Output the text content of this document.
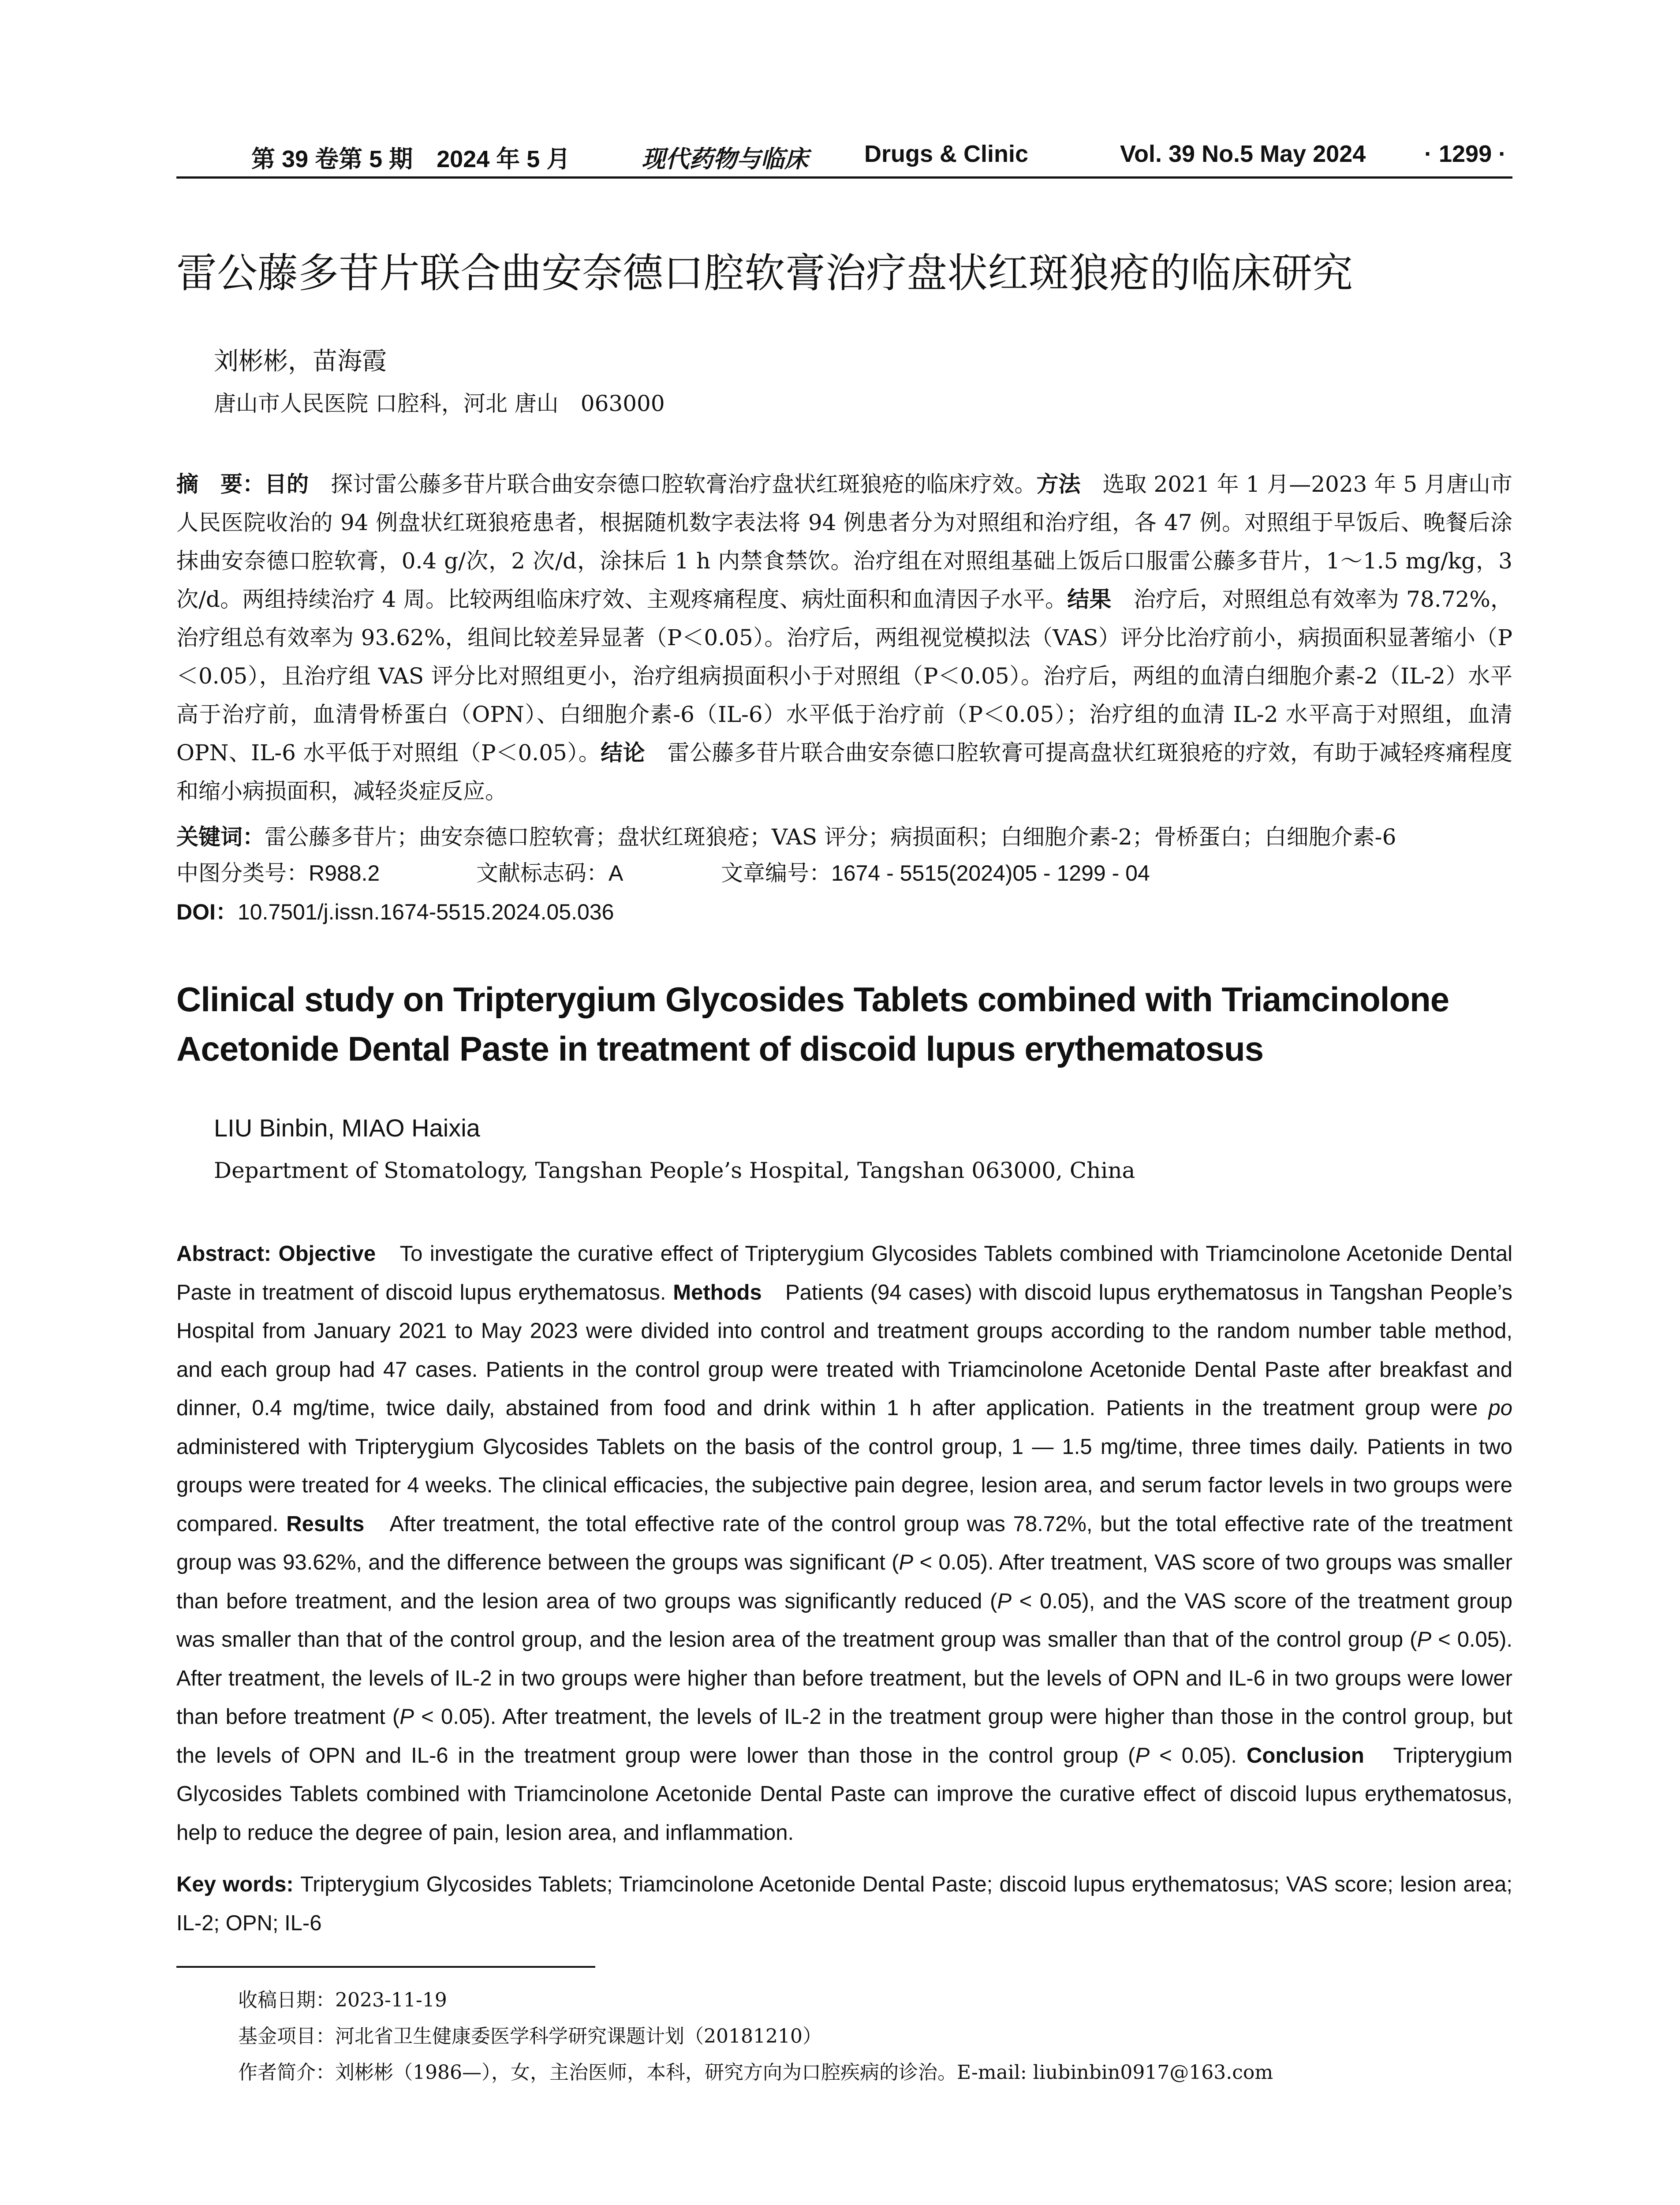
第 39 卷第 5 期　2024 年 5 月	现代药物与临床 Drugs & Clinic	Vol. 39 No.5 May 2024 · 1299 ·
雷公藤多苷片联合曲安奈德口腔软膏治疗盘状红斑狼疮的临床研究
刘彬彬，苗海霞
唐山市人民医院 口腔科，河北 唐山　063000
摘　要：目的　探讨雷公藤多苷片联合曲安奈德口腔软膏治疗盘状红斑狼疮的临床疗效。方法　选取 2021 年 1 月—2023 年 5 月唐山市人民医院收治的 94 例盘状红斑狼疮患者，根据随机数字表法将 94 例患者分为对照组和治疗组，各 47 例。对照组于早饭后、晚餐后涂抹曲安奈德口腔软膏，0.4 g/次，2 次/d，涂抹后 1 h 内禁食禁饮。治疗组在对照组基础上饭后口服雷公藤多苷片，1～1.5 mg/kg，3 次/d。两组持续治疗 4 周。比较两组临床疗效、主观疼痛程度、病灶面积和血清因子水平。结果　治疗后，对照组总有效率为 78.72%，治疗组总有效率为 93.62%，组间比较差异显著（P＜0.05）。治疗后，两组视觉模拟法（VAS）评分比治疗前小，病损面积显著缩小（P＜0.05），且治疗组 VAS 评分比对照组更小，治疗组病损面积小于对照组（P＜0.05）。治疗后，两组的血清白细胞介素-2（IL-2）水平高于治疗前，血清骨桥蛋白（OPN）、白细胞介素-6（IL-6）水平低于治疗前（P＜0.05）；治疗组的血清 IL-2 水平高于对照组，血清 OPN、IL-6 水平低于对照组（P＜0.05）。结论　雷公藤多苷片联合曲安奈德口腔软膏可提高盘状红斑狼疮的疗效，有助于减轻疼痛程度和缩小病损面积，减轻炎症反应。
关键词：雷公藤多苷片；曲安奈德口腔软膏；盘状红斑狼疮；VAS 评分；病损面积；白细胞介素-2；骨桥蛋白；白细胞介素-6
中图分类号：R988.2	文献标志码：A	文章编号：1674 - 5515(2024)05 - 1299 - 04
DOI：10.7501/j.issn.1674-5515.2024.05.036
Clinical study on Tripterygium Glycosides Tablets combined with Triamcinolone
Acetonide Dental Paste in treatment of discoid lupus erythematosus
LIU Binbin, MIAO Haixia
Department of Stomatology, Tangshan People’s Hospital, Tangshan 063000, China
Abstract: Objective　To investigate the curative effect of Tripterygium Glycosides Tablets combined with Triamcinolone Acetonide Dental Paste in treatment of discoid lupus erythematosus. Methods　Patients (94 cases) with discoid lupus erythematosus in Tangshan People’s Hospital from January 2021 to May 2023 were divided into control and treatment groups according to the random number table method, and each group had 47 cases. Patients in the control group were treated with Triamcinolone Acetonide Dental Paste after breakfast and dinner, 0.4 mg/time, twice daily, abstained from food and drink within 1 h after application. Patients in the treatment group were po administered with Tripterygium Glycosides Tablets on the basis of the control group, 1 — 1.5 mg/time, three times daily. Patients in two groups were treated for 4 weeks. The clinical efficacies, the subjective pain degree, lesion area, and serum factor levels in two groups were compared. Results　After treatment, the total effective rate of the control group was 78.72%, but the total effective rate of the treatment group was 93.62%, and the difference between the groups was significant (P < 0.05). After treatment, VAS score of two groups was smaller than before treatment, and the lesion area of two groups was significantly reduced (P < 0.05), and the VAS score of the treatment group was smaller than that of the control group, and the lesion area of the treatment group was smaller than that of the control group (P < 0.05). After treatment, the levels of IL-2 in two groups were higher than before treatment, but the levels of OPN and IL-6 in two groups were lower than before treatment (P < 0.05). After treatment, the levels of IL-2 in the treatment group were higher than those in the control group, but the levels of OPN and IL-6 in the treatment group were lower than those in the control group (P < 0.05). Conclusion　Tripterygium Glycosides Tablets combined with Triamcinolone Acetonide Dental Paste can improve the curative effect of discoid lupus erythematosus, help to reduce the degree of pain, lesion area, and inflammation.
Key words: Tripterygium Glycosides Tablets; Triamcinolone Acetonide Dental Paste; discoid lupus erythematosus; VAS score; lesion area; IL-2; OPN; IL-6
收稿日期：2023-11-19
基金项目：河北省卫生健康委医学科学研究课题计划（20181210）
作者简介：刘彬彬（1986—），女，主治医师，本科，研究方向为口腔疾病的诊治。E-mail: liubinbin0917@163.com
